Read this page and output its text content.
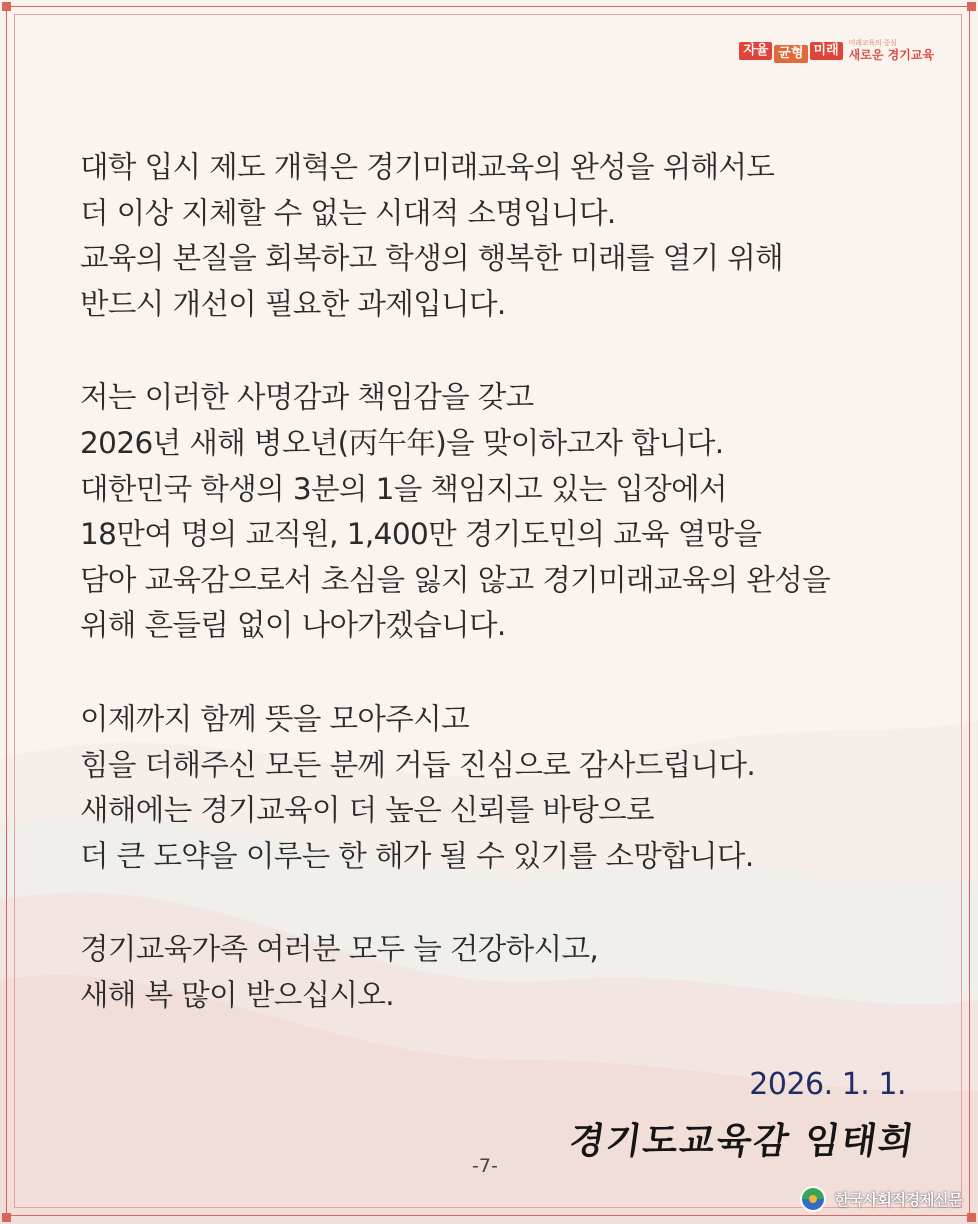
자율 균형 미래	미래교육의 중심
새로운 경기교육
대학 입시 제도 개혁은 경기미래교육의 완성을 위해서도
더 이상 지체할 수 없는 시대적 소명입니다.
교육의 본질을 회복하고 학생의 행복한 미래를 열기 위해
반드시 개선이 필요한 과제입니다.
저는 이러한 사명감과 책임감을 갖고
2026년 새해 병오년(丙午年)을 맞이하고자 합니다.
대한민국 학생의 3분의 1을 책임지고 있는 입장에서
18만여 명의 교직원, 1,400만 경기도민의 교육 열망을
담아 교육감으로서 초심을 잃지 않고 경기미래교육의 완성을
위해 흔들림 없이 나아가겠습니다.
이제까지 함께 뜻을 모아주시고
힘을 더해주신 모든 분께 거듭 진심으로 감사드립니다.
새해에는 경기교육이 더 높은 신뢰를 바탕으로
더 큰 도약을 이루는 한 해가 될 수 있기를 소망합니다.
경기교육가족 여러분 모두 늘 건강하시고,
새해 복 많이 받으십시오.
2026. 1. 1.
경기도교육감 임태희
-7-
한국사회적경제신문
